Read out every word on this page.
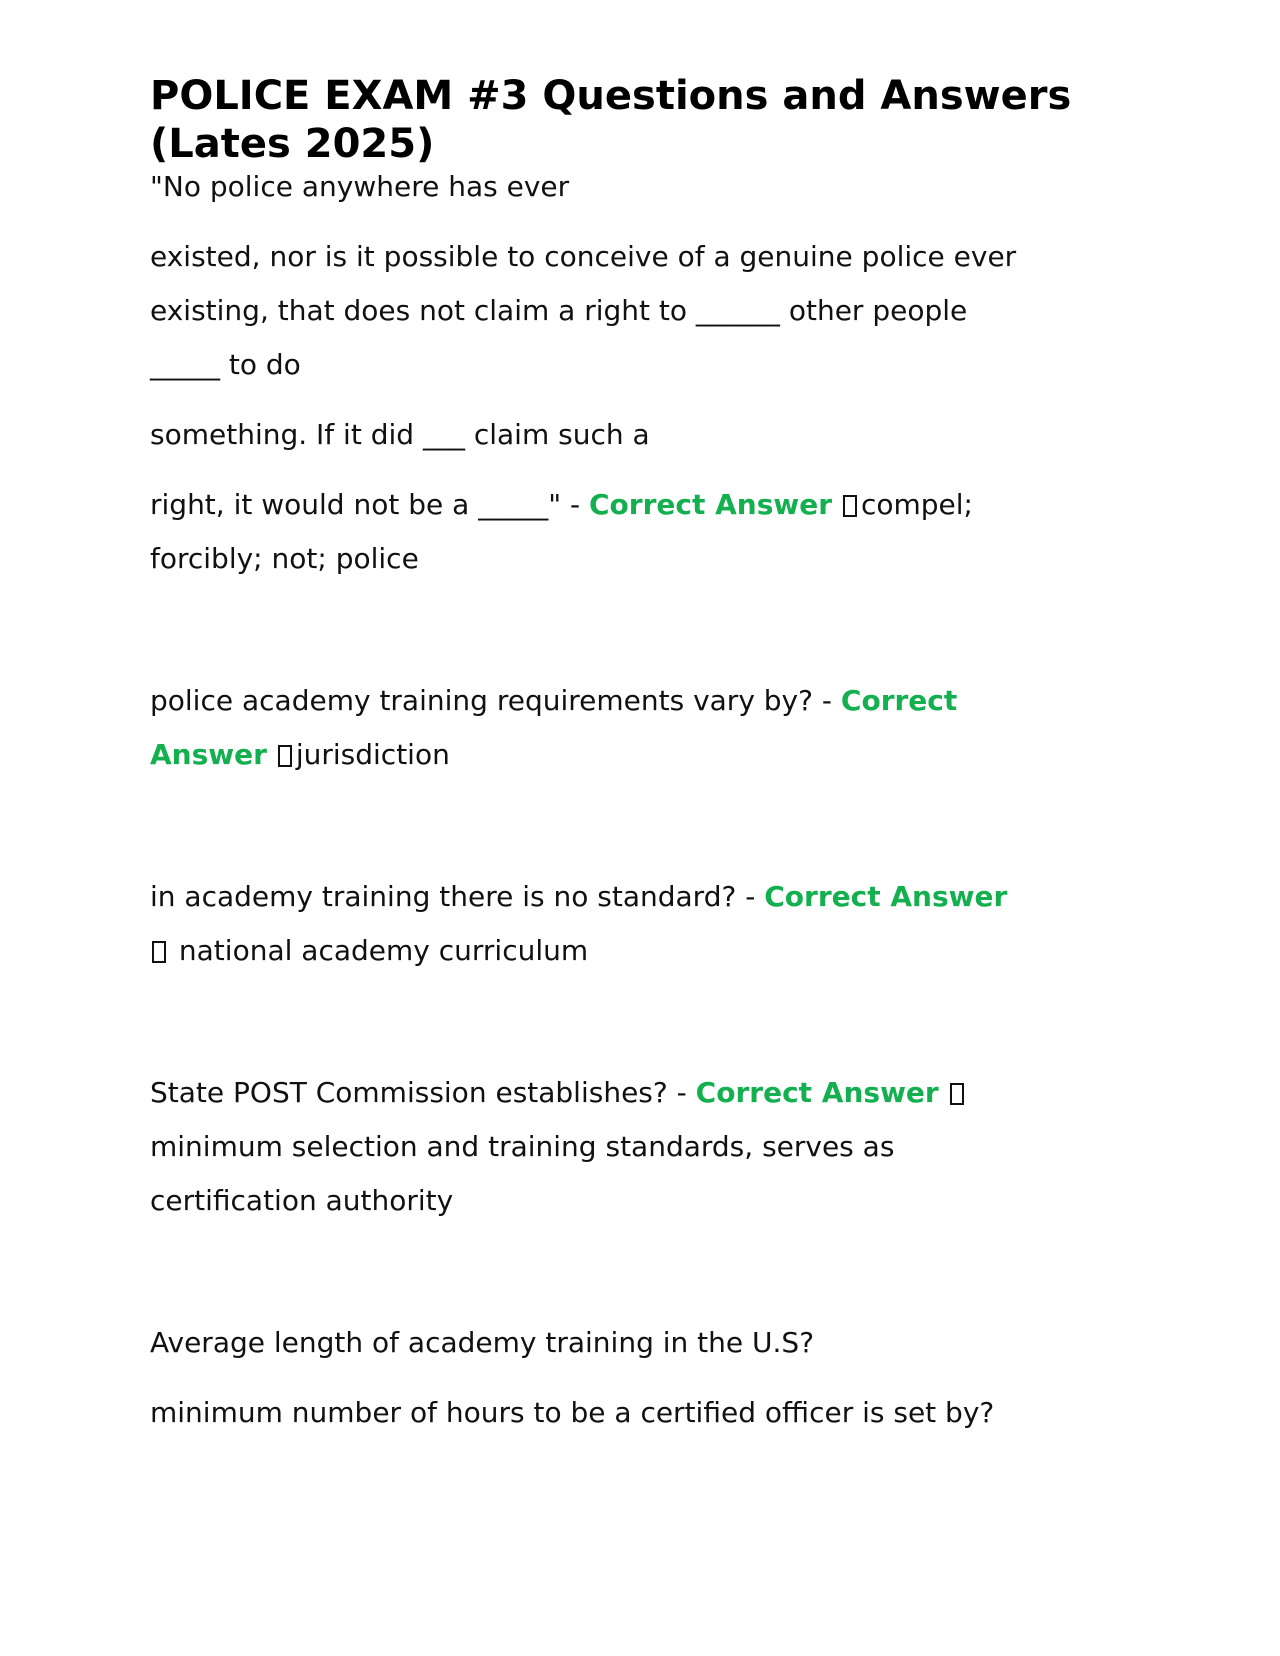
POLICE EXAM #3 Questions and Answers
(Lates 2025)

"No police anywhere has ever

existed, nor is it possible to conceive of a genuine police ever

existing, that does not claim a right to ______ other people

_____ to do

something. If it did ___ claim such a

right, it would not be a _____" - Correct Answer compel;

forcibly; not; police

police academy training requirements vary by? - Correct

Answer jurisdiction

in academy training there is no standard? - Correct Answer

national academy curriculum

State POST Commission establishes? - Correct Answer

minimum selection and training standards, serves as

certification authority

Average length of academy training in the U.S?

minimum number of hours to be a certified officer is set by?
